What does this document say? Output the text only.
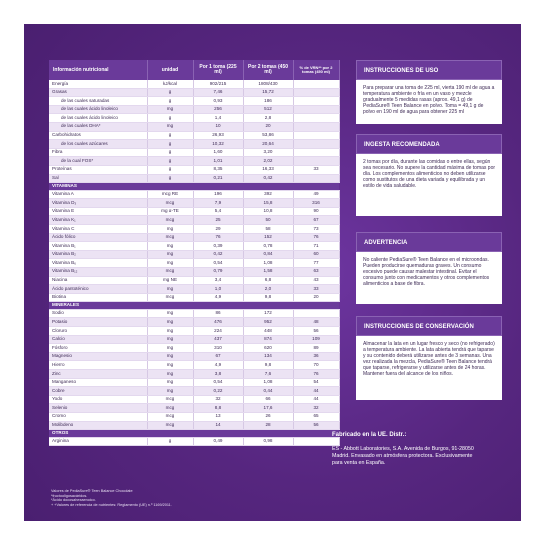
Información nutricional	unidad	Por 1 toma (225 ml)	Por 2 tomas (450 ml)	% de VRN** por 2 tomas (450 ml)
Energía	kJ/kcal	902/215	1808/430	
Grasas	g	7,46	15,72	
de las cuales saturadas	g	0,93	186	
de las cuales ácido linoleico	mg	256	512	
de las cuales ácido linoleico	g	1,4	2,8	
de las cuales DHA*	mg	10	20	
Carbohidratos	g	26,93	53,86	
de los cuales azúcares	g	10,32	20,64	
Fibra	g	1,60	3,20	
de la cual FOS*	g	1,01	2,02	
Proteínas	g	8,35	16,33	33
Sal	g	0,21	0,42	
VITAMINAS				
Vitamina A	mcg RE	196	392	49
Vitamina D₃	mcg	7,9	15,8	316
Vitamina E	mg α-TE	5,4	10,8	90
Vitamina K₁	mcg	25	50	67
Vitamina C	mg	29	58	73
Ácido fólico	mcg	76	152	76
Vitamina B₁	mg	0,39	0,78	71
Vitamina B₂	mg	0,42	0,84	60
Vitamina B₆	mg	0,54	1,08	77
Vitamina B₁₂	mcg	0,79	1,58	63
Niacina	mg NE	3,4	6,8	43
Ácido pantoténico	mg	1,0	2,0	33
Biotina	mcg	4,9	9,8	20
MINERALES				
Sodio	mg	86	172	
Potasio	mg	476	952	48
Cloruro	mg	224	448	56
Calcio	mg	437	874	109
Fósforo	mg	310	620	89
Magnesio	mg	67	134	36
Hierro	mg	4,9	9,8	70
Zinc	mg	3,8	7,6	76
Manganeso	mg	0,54	1,08	54
Cobre	mg	0,22	0,44	44
Yodo	mcg	32	66	44
Selenio	mcg	8,8	17,6	32
Cromo	mcg	13	26	65
Molibdeno	mcg	14	28	56
OTROS				
Arginina	g	0,49	0,98	
Valores de PediaSure® Teen Balance Chocolate
*fructooligosacáridos.
*Ácido docosahexaenoico.
+ +Valores de referencia de nutrientes: Reglamento (UE) n.º 1169/2011.
INSTRUCCIONES DE USO
Para preparar una toma de 225 ml, vierta 190 ml de agua a temperatura ambiente o fría en un vaso y mezcle gradualmente 5 medidas rasas (aprox. 49,1 g) de PediaSure® Teen Balance en polvo. Toma = 49,1 g de polvo en 190 ml de agua para obtener 225 ml
INGESTA RECOMENDADA
2 tomas por día, durante las comidas o entre ellas, según sea necesario. No supere la cantidad máxima de tomas por día. Los complementos alimenticios no deben utilizarse como sustitutos de una dieta variada y equilibrada y un estilo de vida saludable.
ADVERTENCIA
No caliente PediaSure® Teen Balance en el microondas. Pueden producirse quemaduras graves. Un consumo excesivo puede causar malestar intestinal. Evitar el consumo junto con medicamentos y otros complementos alimenticios a base de fibra.
INSTRUCCIONES DE CONSERVACIÓN
Almacenar la lata en un lugar fresco y seco (no refrigerado) a temperatura ambiente. La lata abierta tendrá que taparse y su contenido deberá utilizarse antes de 3 semanas. Una vez realizada la mezcla, PediaSure® Teen Balance tendrá que taparse, refrigerarse y utilizarse antes de 24 horas. Mantener fuera del alcance de los niños.
Fabricado en la UE. Distr.:
ES - Abbott Laboratories, S.A. Avenida de Burgos, 91-28050 Madrid. Envasado en atmósfera protectora. Exclusivamente para venta en España.
